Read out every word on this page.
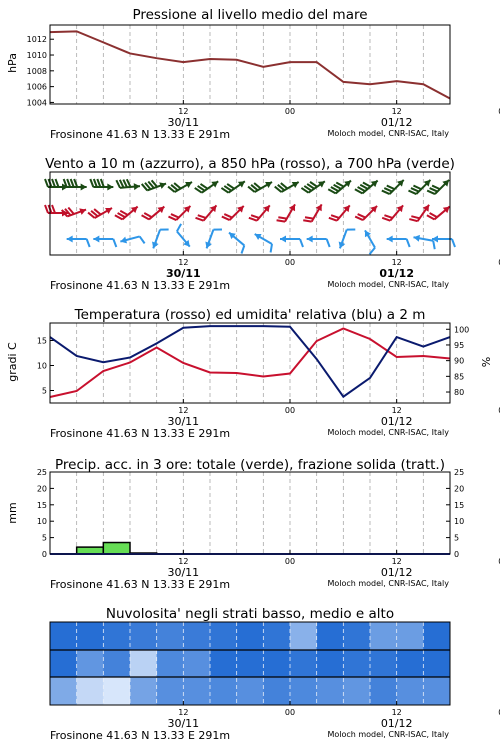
Pressione al livello medio del mare
hPa
1004
1006
1008
1010
1012
12	00	12
30/11	01/12
Frosinone 41.63 N 13.33 E 291m	Moloch model, CNR-ISAC, Italy
Vento a 10 m (azzurro), a 850 hPa (rosso), a 700 hPa (verde)
12	00	12
30/11	01/12
Frosinone 41.63 N 13.33 E 291m	Moloch model, CNR-ISAC, Italy
Temperatura (rosso) ed umidita' relativa (blu) a 2 m
gradi C	%
5
10
15
80
85
90
95
100
12	00	12
30/11	01/12
Frosinone 41.63 N 13.33 E 291m	Moloch model, CNR-ISAC, Italy
Precip. acc. in 3 ore: totale (verde), frazione solida (tratt.)
mm
0
5
10
15
20
25
0
5
10
15
20
25
12	00	12
30/11	01/12
Frosinone 41.63 N 13.33 E 291m	Moloch model, CNR-ISAC, Italy
Nuvolosita' negli strati basso, medio e alto
12	00	12
30/11	01/12
Frosinone 41.63 N 13.33 E 291m	Moloch model, CNR-ISAC, Italy
